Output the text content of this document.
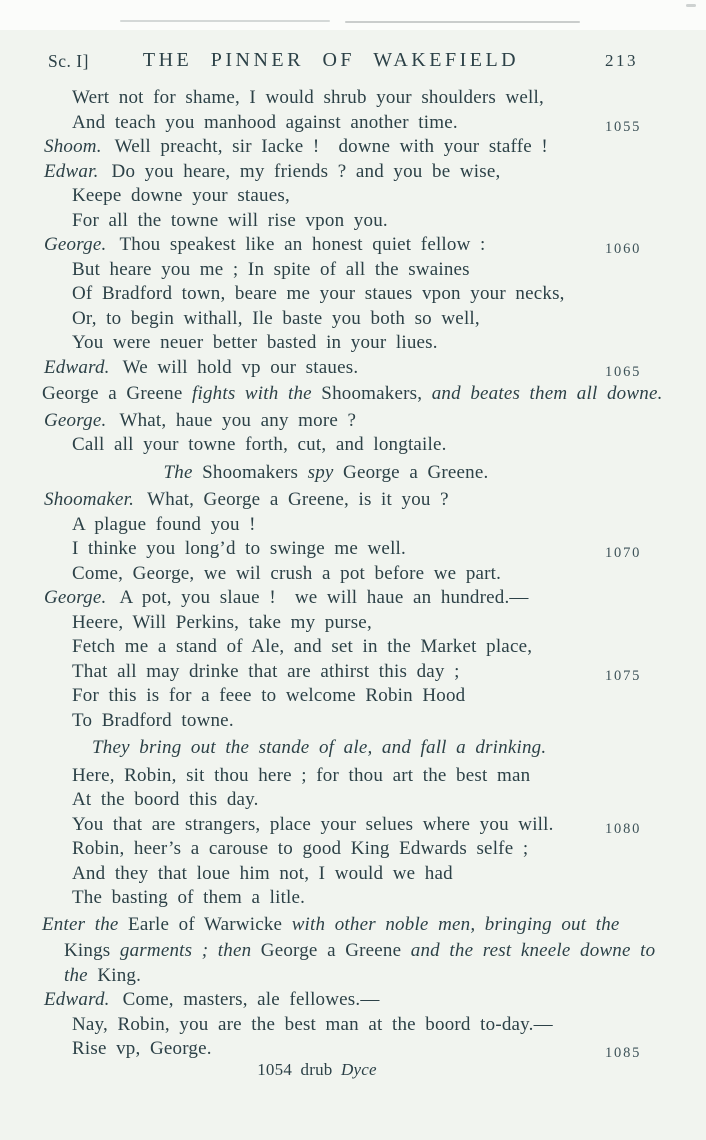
Sc. I]	THE PINNER OF WAKEFIELD	213
Wert not for shame, I would shrub your shoulders well,
And teach you manhood against another time.	1055
Shoom. Well preacht, sir Iacke !  downe with your staffe !
Edwar. Do you heare, my friends ? and you be wise,
Keepe downe your staues,
For all the towne will rise vpon you.
George. Thou speakest like an honest quiet fellow :	1060
But heare you me ; In spite of all the swaines
Of Bradford town, beare me your staues vpon your necks,
Or, to begin withall, Ile baste you both so well,
You were neuer better basted in your liues.
Edward. We will hold vp our staues.	1065
George a Greene fights with the Shoomakers, and beates them all downe.
George. What, haue you any more ?
Call all your towne forth, cut, and longtaile.
The Shoomakers spy George a Greene.
Shoomaker. What, George a Greene, is it you ?
A plague found you !
I thinke you long’d to swinge me well.	1070
Come, George, we wil crush a pot before we part.
George. A pot, you slaue !  we will haue an hundred.—
Heere, Will Perkins, take my purse,
Fetch me a stand of Ale, and set in the Market place,
That all may drinke that are athirst this day ;	1075
For this is for a feee to welcome Robin Hood
To Bradford towne.
They bring out the stande of ale, and fall a drinking.
Here, Robin, sit thou here ; for thou art the best man
At the boord this day.
You that are strangers, place your selues where you will.	1080
Robin, heer’s a carouse to good King Edwards selfe ;
And they that loue him not, I would we had
The basting of them a litle.
Enter the Earle of Warwicke with other noble men, bringing out the
Kings garments ; then George a Greene and the rest kneele downe to
the King.
Edward. Come, masters, ale fellowes.—
Nay, Robin, you are the best man at the boord to-day.—
Rise vp, George.	1085
1054 drub Dyce
